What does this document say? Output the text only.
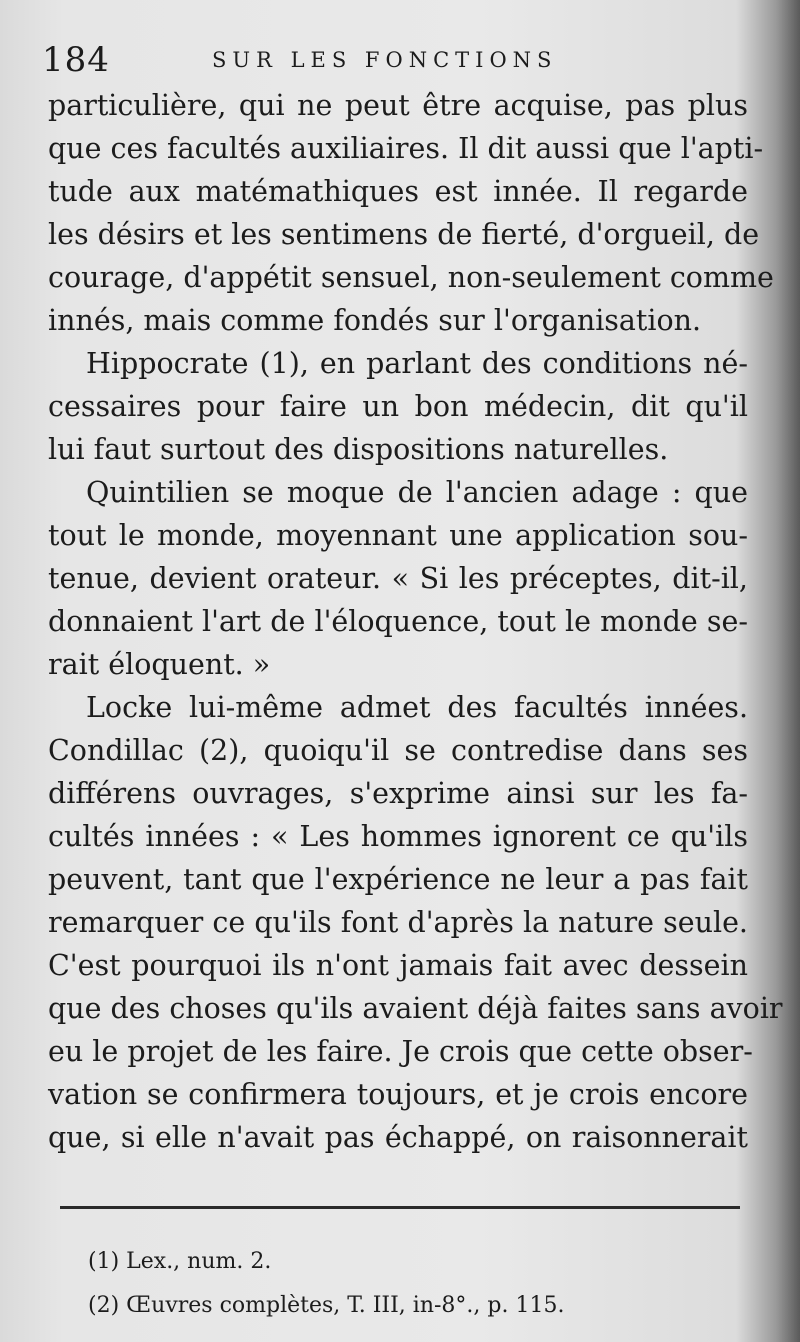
184	SUR LES FONCTIONS
particulière, qui ne peut être acquise, pas plus
que ces facultés auxiliaires. Il dit aussi que l'apti-
tude aux matémathiques est innée. Il regarde
les désirs et les sentimens de fierté, d'orgueil, de
courage, d'appétit sensuel, non-seulement comme
innés, mais comme fondés sur l'organisation.
Hippocrate (1), en parlant des conditions né-
cessaires pour faire un bon médecin, dit qu'il
lui faut surtout des dispositions naturelles.
Quintilien se moque de l'ancien adage : que
tout le monde, moyennant une application sou-
tenue, devient orateur. « Si les préceptes, dit-il,
donnaient l'art de l'éloquence, tout le monde se-
rait éloquent. »
Locke lui-même admet des facultés innées.
Condillac (2), quoiqu'il se contredise dans ses
différens ouvrages, s'exprime ainsi sur les fa-
cultés innées : « Les hommes ignorent ce qu'ils
peuvent, tant que l'expérience ne leur a pas fait
remarquer ce qu'ils font d'après la nature seule.
C'est pourquoi ils n'ont jamais fait avec dessein
que des choses qu'ils avaient déjà faites sans avoir
eu le projet de les faire. Je crois que cette obser-
vation se confirmera toujours, et je crois encore
que, si elle n'avait pas échappé, on raisonnerait
(1) Lex., num. 2.
(2) Œuvres complètes, T. III, in-8°., p. 115.
